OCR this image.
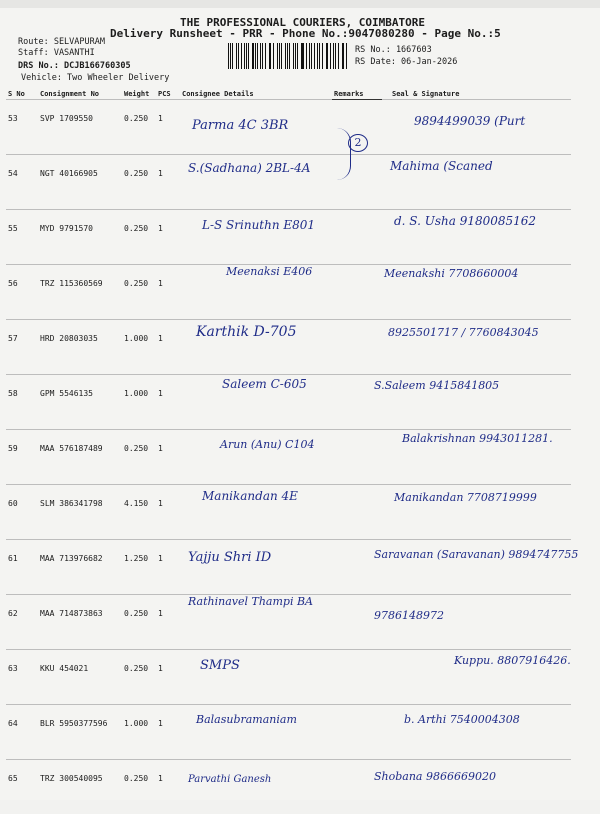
THE PROFESSIONAL COURIERS, COIMBATORE
Delivery Runsheet - PRR - Phone No.:9047080280 - Page No.:5
Route: SELVAPURAM
Staff: VASANTHI
DRS No.: DCJB166760305
Vehicle: Two Wheeler Delivery
RS No.: 1667603
RS Date: 06-Jan-2026
S No	Consignment No	Weight	PCS	Consignee Details	Remarks	Seal & Signature
53	SVP 1709550	0.250	1	Parma 4C 3BR		9894499039 (Purt

54	NGT 40166905	0.250	1	S.(Sadhana) 2BL-4A		Mahima (Scaned

55	MYD 9791570	0.250	1	L-S Srinuthn E801		d. S. Usha 9180085162

56	TRZ 115360569	0.250	1	Meenaksi E406		Meenakshi 7708660004

57	HRD 20803035	1.000	1	Karthik D-705		8925501717 / 7760843045

58	GPM 5546135	1.000	1	Saleem C-605		S.Saleem 9415841805

59	MAA 576187489	0.250	1	Arun (Anu) C104		Balakrishnan 9943011281.

60	SLM 386341798	4.150	1	Manikandan 4E		Manikandan 7708719999

61	MAA 713976682	1.250	1	Yajju Shri ID		Saravanan (Saravanan) 9894747755

62	MAA 714873863	0.250	1	Rathinavel Thampi BA		9786148972

63	KKU 454021	0.250	1	SMPS		Kuppu. 8807916426.

64	BLR 5950377596	1.000	1	Balasubramaniam		b. Arthi 7540004308

65	TRZ 300540095	0.250	1	Parvathi Ganesh		Shobana 9866669020
2
